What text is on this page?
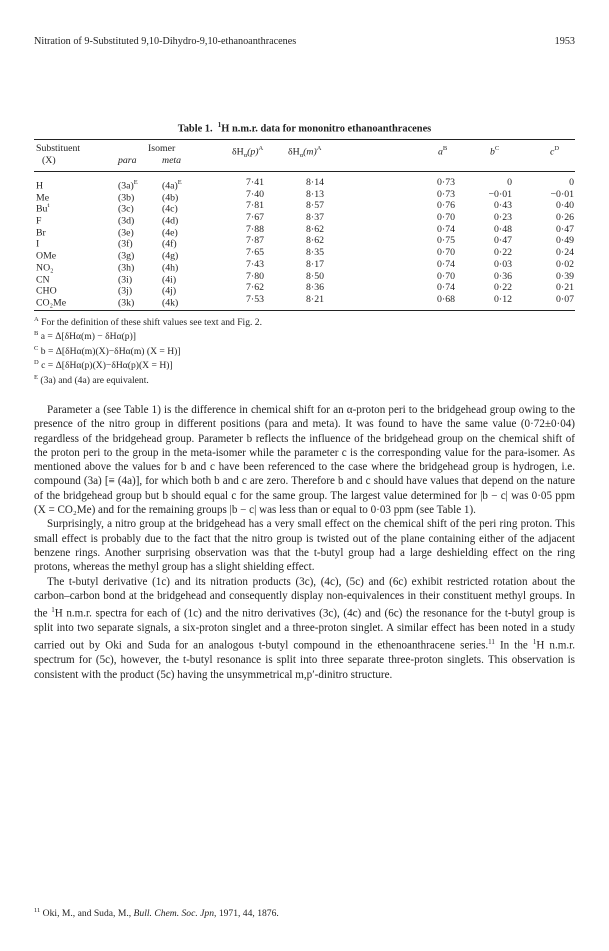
Nitration of 9-Substituted 9,10-Dihydro-9,10-ethanoanthracenes	1953
Table 1. $^1$H n.m.r. data for mononitro ethanoanthracenes
Substituent
(X)
Isomer
para	meta
$\delta H_\alpha(p)^A$	$\delta H_\alpha(m)^A$	$a^B$	$b^C$	$c^D$
H	$(3a)^E$ $(4a)^E$	7·41	8·14	0·73	0	0
Me	(3b)	(4b)	7·40	8·13	0·73	−0·01	−0·01
Bu$^t$	(3c)	(4c)	7·81	8·57	0·76	0·43	0·40
F	(3d)	(4d)	7·67	8·37	0·70	0·23	0·26
Br	(3e)	(4e)	7·88	8·62	0·74	0·48	0·47
I	(3f)	(4f)	7·87	8·62	0·75	0·47	0·49
OMe	(3g)	(4g)	7·65	8·35	0·70	0·22	0·24
NO₂	(3h)	(4h)	7·43	8·17	0·74	0·03	0·02
CN	(3i)	(4i)	7·80	8·50	0·70	0·36	0·39
CHO	(3j)	(4j)	7·62	8·36	0·74	0·22	0·21
CO₂Me	(3k)	(4k)	7·53	8·21	0·68	0·12	0·07
$^A$ For the definition of these shift values see text and Fig. 2.
$^B$ a = Δ[δHα(m) − δHα(p)]
$^C$ b = Δ[δHα(m)(X)−δHα(m) (X = H)]
$^D$ c = Δ[δHα(p)(X)−δHα(p)(X = H)]
$^E$ (3a) and (4a) are equivalent.

Parameter a (see Table 1) is the difference in chemical shift for an α-proton peri to the bridgehead group owing to the presence of the nitro group in different positions (para and meta). It was found to have the same value (0·72±0·04) regardless of the bridgehead group. Parameter b reflects the influence of the bridgehead group on the chemical shift of the proton peri to the group in the meta-isomer while the parameter c is the corresponding value for the para-isomer. As mentioned above the values for b and c have been referenced to the case where the bridgehead group is hydrogen, i.e. compound (3a) [≡ (4a)], for which both b and c are zero. Therefore b and c should have values that depend on the nature of the bridgehead group but b should equal c for the same group. The largest value determined for |b − c| was 0·05 ppm (X = CO₂Me) and for the remaining groups |b − c| was less than or equal to 0·03 ppm (see Table 1).

Surprisingly, a nitro group at the bridgehead has a very small effect on the chemical shift of the peri ring proton. This small effect is probably due to the fact that the nitro group is twisted out of the plane containing either of the adjacent benzene rings. Another surprising observation was that the t-butyl group had a large deshielding effect on the ring protons, whereas the methyl group has a slight shielding effect.

The t-butyl derivative (1c) and its nitration products (3c), (4c), (5c) and (6c) exhibit restricted rotation about the carbon–carbon bond at the bridgehead and consequently display non-equivalences in their constituent methyl groups. In the $^1$H n.m.r. spectra for each of (1c) and the nitro derivatives (3c), (4c) and (6c) the resonance for the t-butyl group is split into two separate signals, a six-proton singlet and a three-proton singlet. A similar effect has been noted in a study carried out by Oki and Suda for an analogous t-butyl compound in the ethenoanthracene series.$^{11}$ In the $^1$H n.m.r. spectrum for (5c), however, the t-butyl resonance is split into three separate three-proton singlets. This observation is consistent with the product (5c) having the unsymmetrical m,p′-dinitro structure.

$^{11}$ Oki, M., and Suda, M., Bull. Chem. Soc. Jpn, 1971, 44, 1876.
